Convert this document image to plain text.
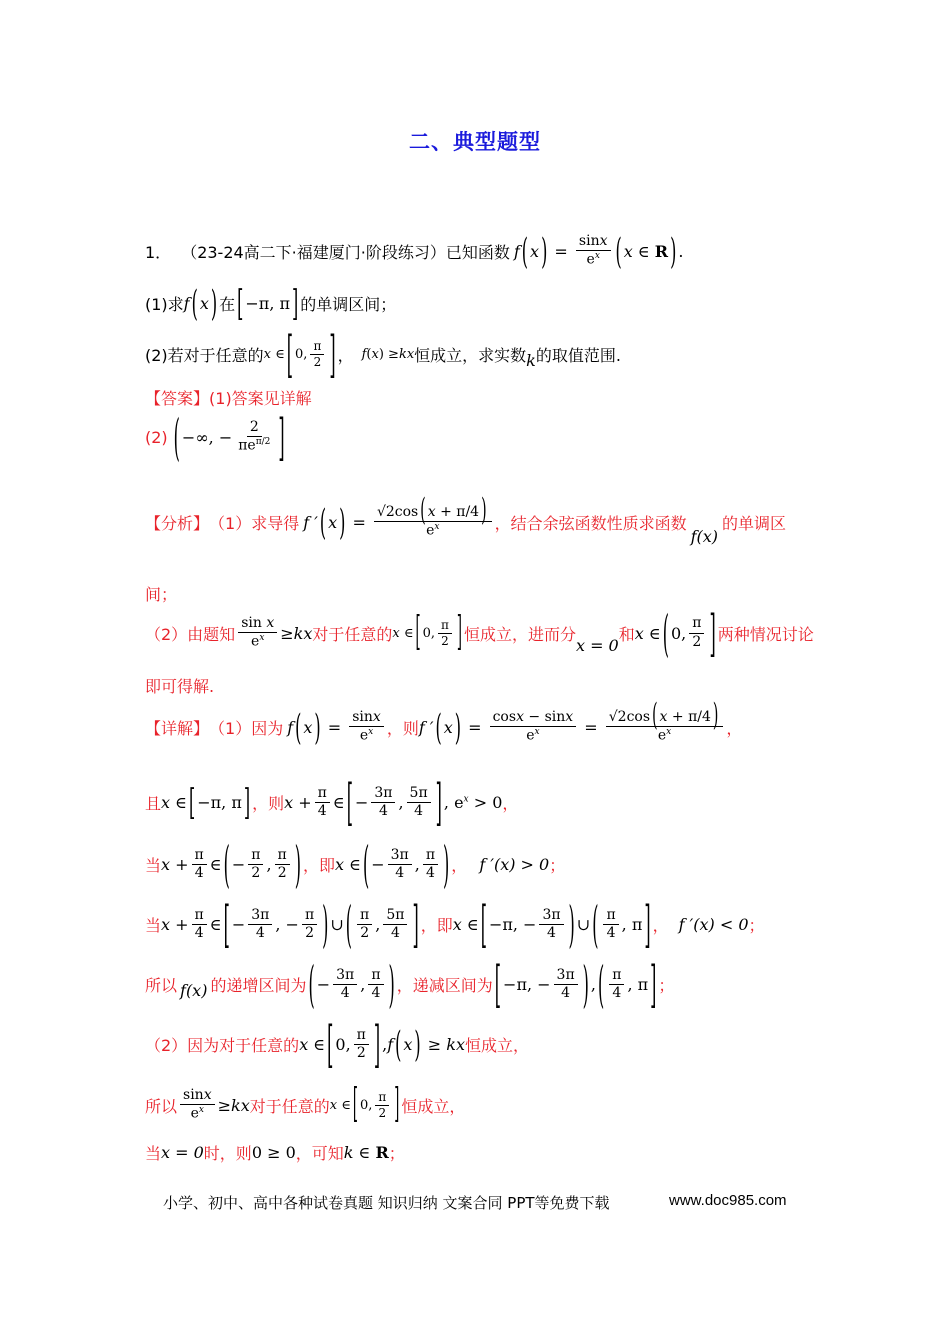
二、典型题型
1． （23-24高二下·福建厦门·阶段练习） 已知函数 f ( x ) = $\frac{\sin x}{e^x}$ ( x ∈ R ) .
(1)求 f ( x ) 在 [ −π, π ] 的单调区间；
(2)若对于任意的 x ∈ [ 0, $\frac{\pi}{2}$ ] ， f ( x ) ≥ kx 恒成立，求实数 k 的取值范围.
【答案】 (1)答案见详解
(2) ( −∞, − $\frac{2}{\pi e^{\pi/2}}$ ]
【分析】 （1）求导得 f ′ ( x ) = $\frac{√2\cos ( x + \pi/4 )}{e^x}$ ，结合余弦函数性质求函数
f(x)
的单调区
间；
（2）由题知 $\frac{\text{sin x}}{e^x}$ ≥ kx 对于任意的 x ∈ [ 0, $\frac{\pi}{2}$ ] 恒成立，进而分
x = 0
和 x ∈ ( 0, $\frac{\pi}{2}$ ] 两种情况讨论
即可得解.
【详解】 （1）因为 f ( x ) = $\frac{\sin x}{e^x}$ ，则 f ′ ( x ) = $\frac{\cos x - \sin x}{e^x} = \frac{√2\cos ( x + \pi/4 )}{e^x}$ ，
且 x ∈ [ −π, π ] ，则 $x + \frac{\pi}{4}$ ∈ [ − $\frac{3\pi}{4}$ , $\frac{5\pi}{4}$ ] , $e^x > 0$ ，
当 $x + \frac{\pi}{4}$ ∈ ( − $\frac{\pi}{2}$ , $\frac{\pi}{2}$ ) ，即 x ∈ ( − $\frac{3\pi}{4}$ , $\frac{\pi}{4}$ ) ， f ′(x) > 0 ；
当 $x + \frac{\pi}{4}$ ∈ [ − $\frac{3\pi}{4}$ , − $\frac{\pi}{2}$ ) ∪ ( $\frac{\pi}{2}$ , $\frac{5\pi}{4}$ ] ，即 x ∈ [ −π, − $\frac{3\pi}{4}$ ) ∪ ( $\frac{\pi}{4}$ , π ] ， f ′(x) < 0 ；
所以 f(x) 的递增区间为 ( − $\frac{3\pi}{4}$ , $\frac{\pi}{4}$ ) ，递减区间为 [ −π, − $\frac{3\pi}{4}$ ) , ( $\frac{\pi}{4}$ , π ] ；
（2）因为对于任意的 x ∈ [ 0, $\frac{\pi}{2}$ ] , f ( x ) ≥ kx 恒成立，
所以 $\frac{\sin x}{e^x}$ ≥ kx 对于任意的 x ∈ [ 0, $\frac{\pi}{2}$ ] 恒成立，
当 x = 0 时，则 0 ≥ 0 ，可知 k ∈ R ；
小学、初中、高中各种试卷真题 知识归纳 文案合同 PPT等免费下载	www.doc985.com
